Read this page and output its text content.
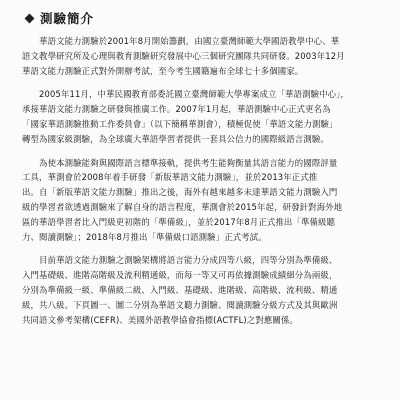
測驗簡介
　　華語文能力測驗於2001年8月開始籌劃，由國立臺灣師範大學國語教學中心、華
語文教學研究所及心理與教育測驗研究發展中心三個研究團隊共同研發。2003年12月
華語文能力測驗正式對外開辦考試，至今考生國籍遍布全球七十多個國家。
　　2005年11月，中華民國教育部委託國立臺灣師範大學專案成立「華語測驗中心」，
承接華語文能力測驗之研發與推廣工作。2007年1月起，華語測驗中心正式更名為
「國家華語測驗推動工作委員會」（以下簡稱華測會），積極促使「華語文能力測驗」
轉型為國家級測驗，為全球廣大華語學習者提供一套具公信力的國際級語言測驗。
　　為使本測驗能夠與國際語言標準接軌，提供考生能夠衡量其語言能力的國際評量
工具，華測會於2008年着手研發「新版華語文能力測驗」，並於2013年正式推
出。自「新版華語文能力測驗」推出之後，海外有越來越多未達華語文能力測驗入門
級的學習者欲透過測驗來了解自身的語言程度，華測會於2015年起，研發針對海外地
區的華語學習者比入門級更初階的「準備級」，並於2017年8月正式推出「準備級聽
力、閱讀測驗」；2018年8月推出「準備級口語測驗」正式考試。
　　目前華語文能力測驗之測驗架構將語言能力分成四等八級，四等分別為準備級、
入門基礎級、進階高階級及流利精通級，而每一等又可再依據測驗成績細分為兩級，
分別為準備級一級、準備級二級、入門級、基礎級、進階級、高階級、流利級、精通
級，共八級。下頁圖一、圖二分別為華語文聽力測驗、閱讀測驗分級方式及其與歐洲
共同語文參考架構(CEFR)、美國外語教學協會指標(ACTFL)之對應關係。
